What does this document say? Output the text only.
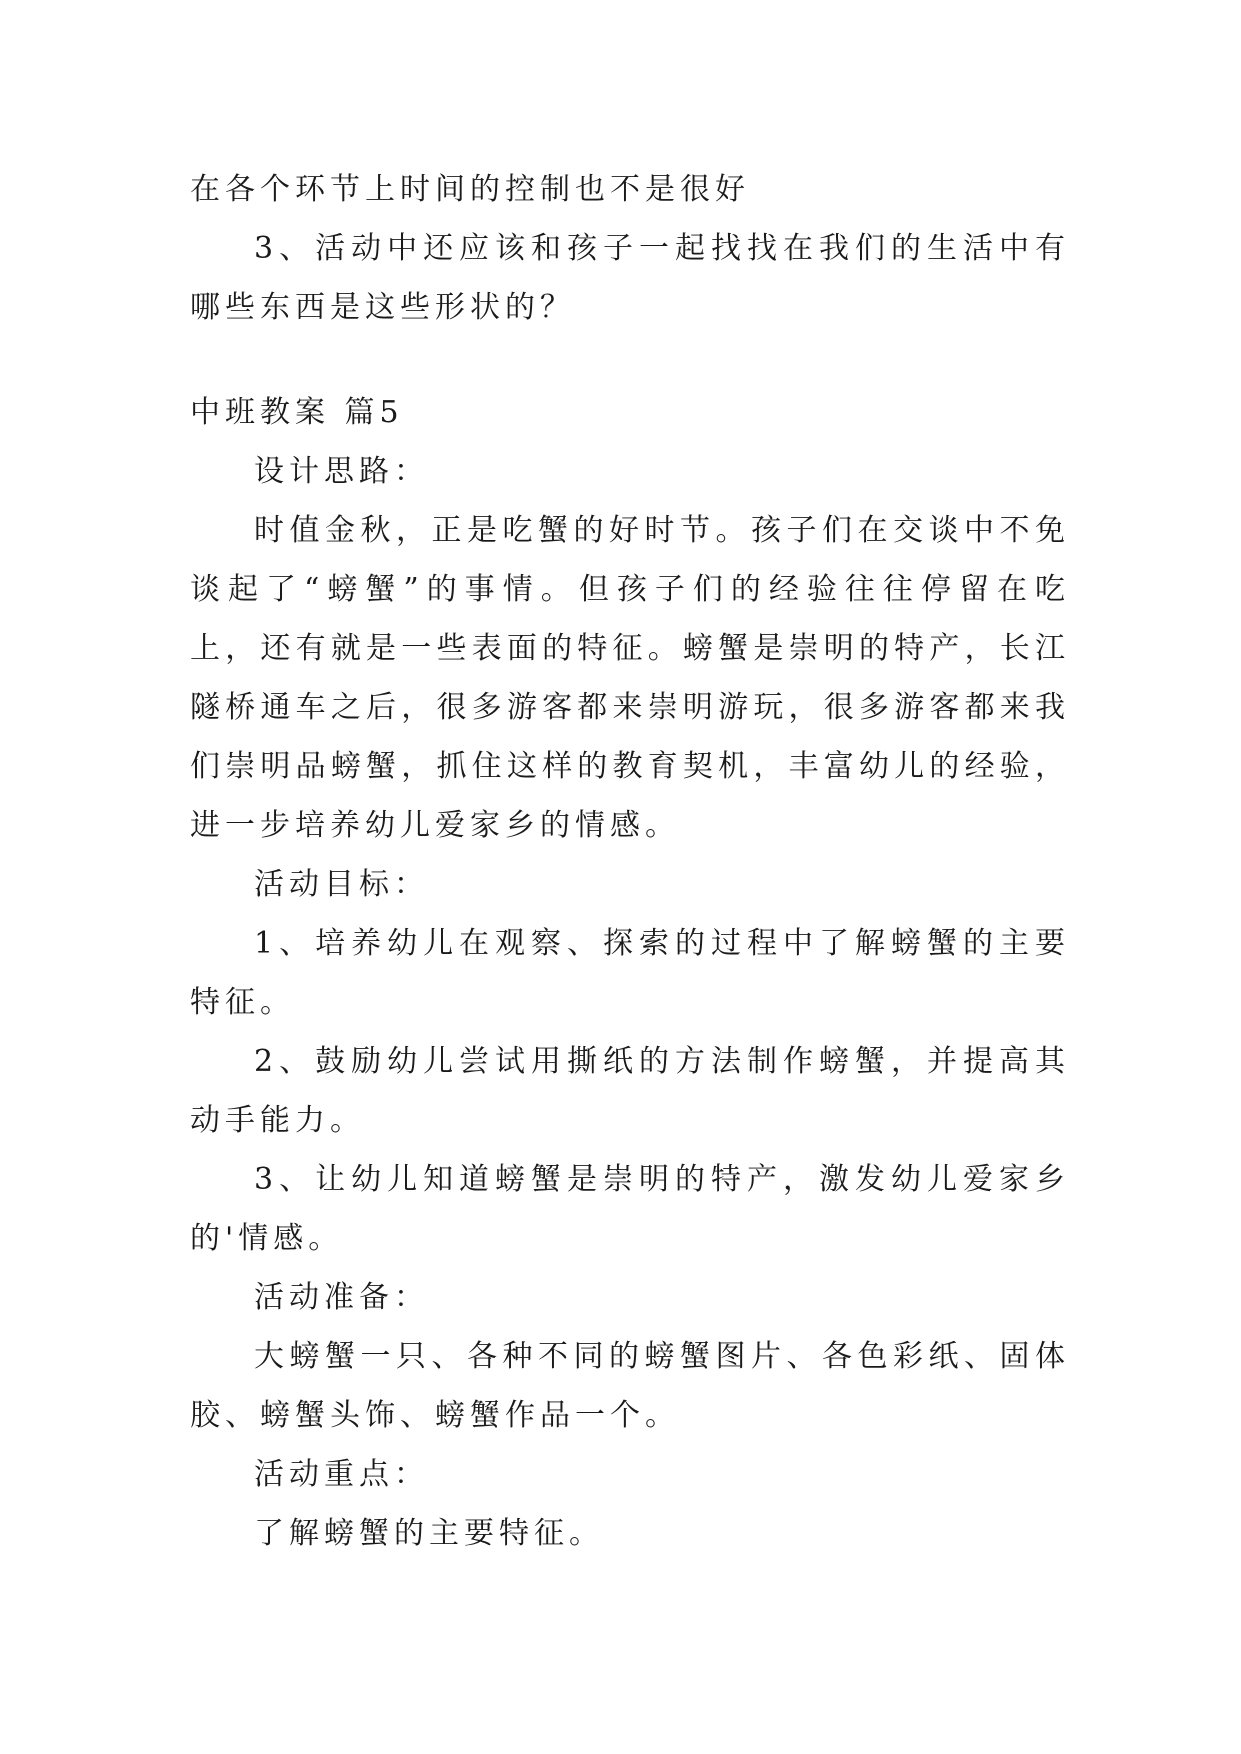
在各个环节上时间的控制也不是很好

3、活动中还应该和孩子一起找找在我们的生活中有哪些东西是这些形状的？

中班教案 篇5

设计思路：

时值金秋，正是吃蟹的好时节。孩子们在交谈中不免谈起了“螃蟹”的事情。但孩子们的经验往往停留在吃上，还有就是一些表面的特征。螃蟹是崇明的特产，长江隧桥通车之后，很多游客都来崇明游玩，很多游客都来我们崇明品螃蟹，抓住这样的教育契机，丰富幼儿的经验，进一步培养幼儿爱家乡的情感。

活动目标：

1、培养幼儿在观察、探索的过程中了解螃蟹的主要特征。

2、鼓励幼儿尝试用撕纸的方法制作螃蟹，并提高其动手能力。

3、让幼儿知道螃蟹是崇明的特产，激发幼儿爱家乡的'情感。

活动准备：

大螃蟹一只、各种不同的螃蟹图片、各色彩纸、固体胶、螃蟹头饰、螃蟹作品一个。

活动重点：

了解螃蟹的主要特征。
